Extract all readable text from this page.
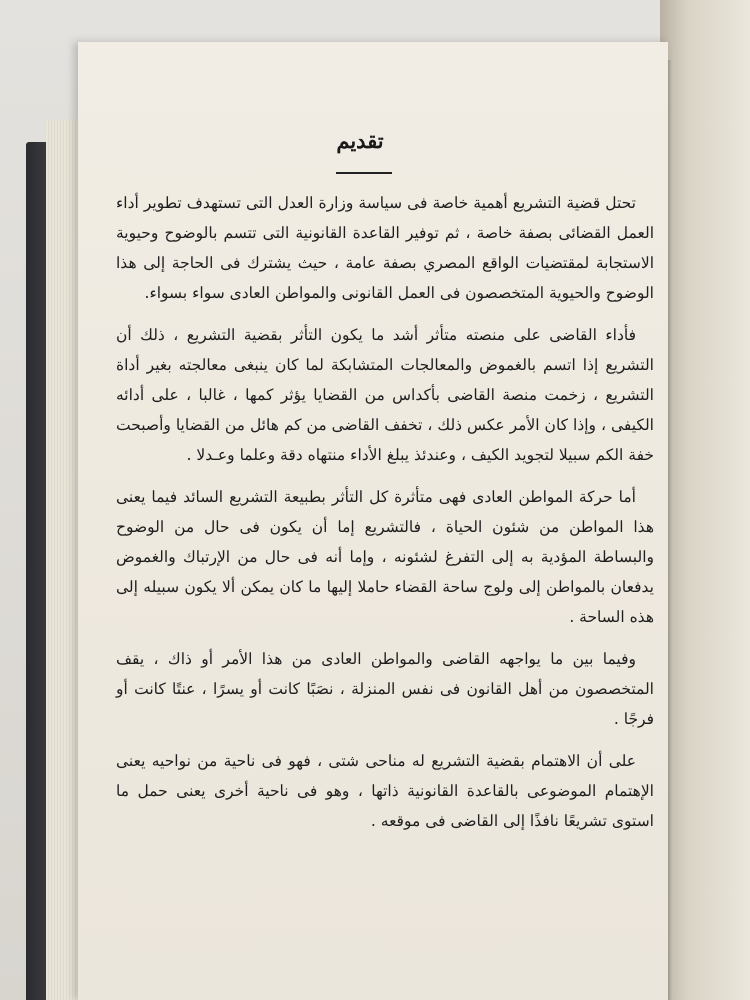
تقديم

تحتل قضية التشريع أهمية خاصة فى سياسة وزارة العدل التى تستهدف تطوير أداء العمل القضائى بصفة خاصة ، ثم توفير القاعدة القانونية التى تتسم بالوضوح وحيوية الاستجابة لمقتضيات الواقع المصري بصفة عامة ، حيث يشترك فى الحاجة إلى هذا الوضوح والحيوية المتخصصون فى العمل القانونى والمواطن العادى سواء بسواء.

فأداء القاضى على منصته متأثر أشد ما يكون التأثر بقضية التشريع ، ذلك أن التشريع إذا اتسم بالغموض والمعالجات المتشابكة لما كان ينبغى معالجته بغير أداة التشريع ، زخمت منصة القاضى بأكداس من القضايا يؤثر كمها ، غالبا ، على أدائه الكيفى ، وإذا كان الأمر عكس ذلك ، تخفف القاضى من كم هائل من القضايا وأصبحت خفة الكم سبيلا لتجويد الكيف ، وعندئذ يبلغ الأداء منتهاه دقة وعلما وعـدلا .

أما حركة المواطن العادى فهى متأثرة كل التأثر بطبيعة التشريع السائد فيما يعنى هذا المواطن من شئون الحياة ، فالتشريع إما أن يكون فى حال من الوضوح والبساطة المؤدية به إلى التفرغ لشئونه ، وإما أنه فى حال من الإرتباك والغموض يدفعان بالمواطن إلى ولوج ساحة القضاء حاملا إليها ما كان يمكن ألا يكون سبيله إلى هذه الساحة .

وفيما بين ما يواجهه القاضى والمواطن العادى من هذا الأمر أو ذاك ، يقف المتخصصون من أهل القانون فى نفس المنزلة ، نصَبًا كانت أو يسرًا ، عنتًا كانت أو فرجًا .

على أن الاهتمام بقضية التشريع له مناحى شتى ، فهو فى ناحية من نواحيه يعنى الإهتمام الموضوعى بالقاعدة القانونية ذاتها ، وهو فى ناحية أخرى يعنى حمل ما استوى تشريعًا نافذًا إلى القاضى فى موقعه .
